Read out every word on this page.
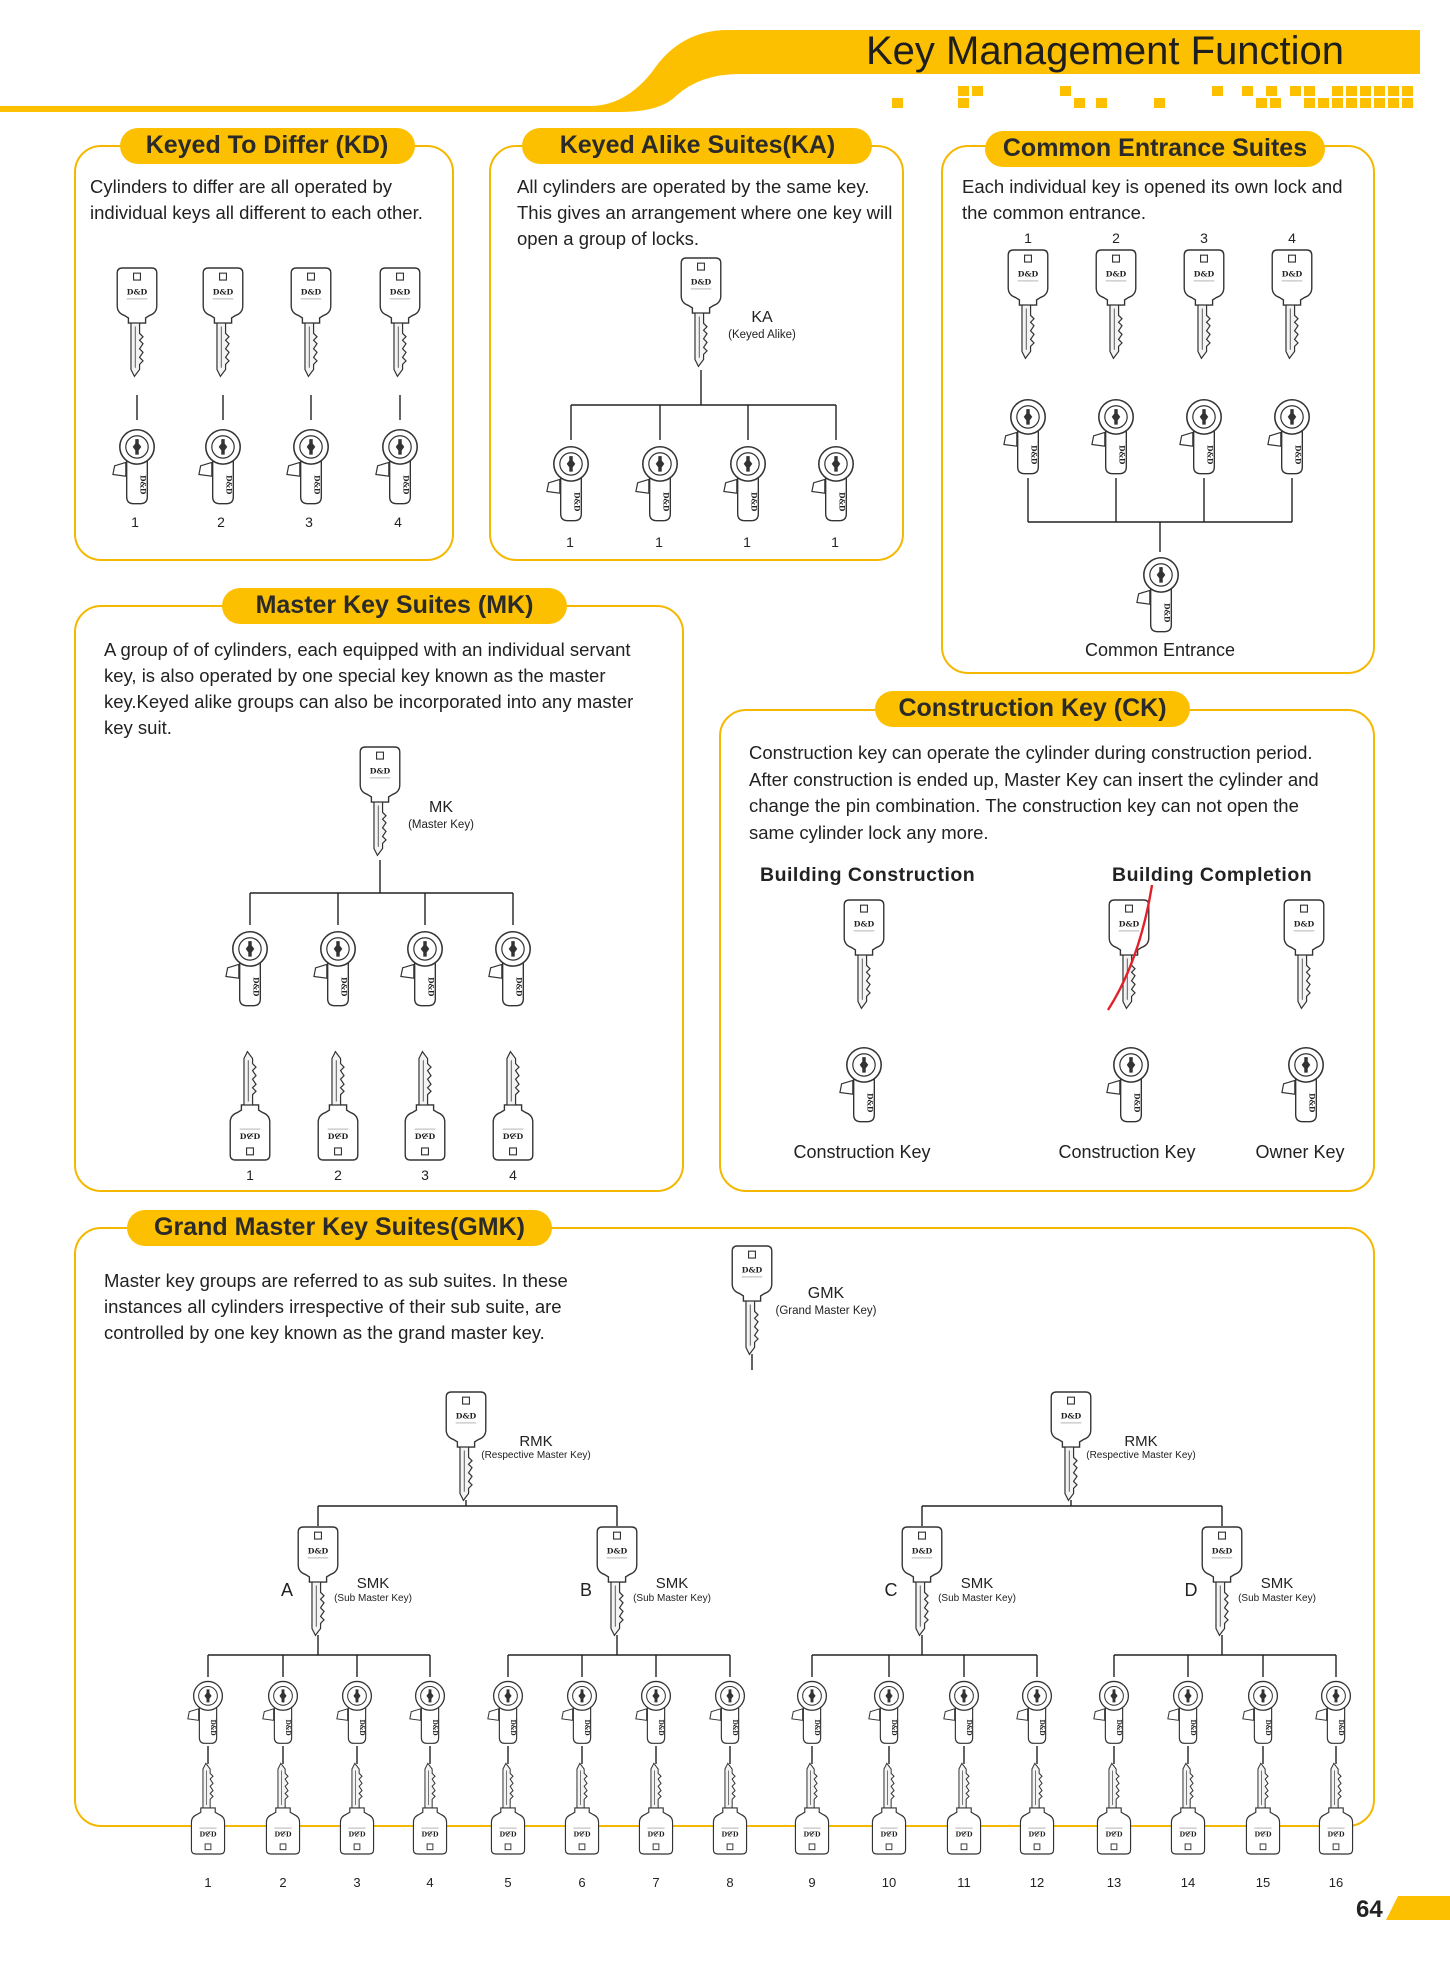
D&D
D&D
1
D&D
D&D
2
D&D
D&D
3
D&D
D&D
4
D&D
KA
(Keyed Alike)
D&D
1
D&D
1
D&D
1
D&D
1
1
D&D
D&D
2
D&D
D&D
3
D&D
D&D
4
D&D
D&D
D&D
D&D
MK
(Master Key)
D&D
D&D
1
D&D
D&D
2
D&D
D&D
3
D&D
D&D
4
D&D
D&D
D&D
D&D
D&D
D&D
D&D
GMK
(Grand Master Key)
D&D
RMK
(Respective Master Key)
D&D
RMK
(Respective Master Key)
D&D
A	SMK
(Sub Master Key)
D&D
B	SMK
(Sub Master Key)
D&D
C	SMK
(Sub Master Key)
D&D
D	SMK
(Sub Master Key)
D&D
D&D
1
D&D
D&D
2
D&D
D&D
3
D&D
D&D
4
D&D
D&D
5
D&D
D&D
6
D&D
D&D
7
D&D
D&D
8
D&D
D&D
9
D&D
D&D
10
D&D
D&D
11
D&D
D&D
12
D&D
D&D
13
D&D
D&D
14
D&D
D&D
15
D&D
D&D
16
Key Management Function
Keyed To Differ (KD)	Keyed Alike Suites(KA)	Common Entrance Suites
Master Key Suites (MK)
Construction Key (CK)
Grand Master Key Suites(GMK)
Cylinders to differ are all operated by individual keys all different to each other.
All cylinders are operated by the same key. This gives an arrangement where one key will open a group of locks.
Each individual key is opened its own lock and the common entrance.
A group of of cylinders, each equipped with an individual servant key, is also operated by one special key known as the master key.Keyed alike groups can also be incorporated into any master key suit.
Construction key can operate the cylinder during construction period. After construction is ended up, Master Key can insert the cylinder and change the pin combination. The construction key can not open the same cylinder lock any more.
Master key groups are referred to as sub suites. In these instances all cylinders irrespective of their sub suite, are controlled by one key known as the grand master key.
Building Construction	Building Completion
Common Entrance
Construction Key	Construction Key	Owner Key
64
